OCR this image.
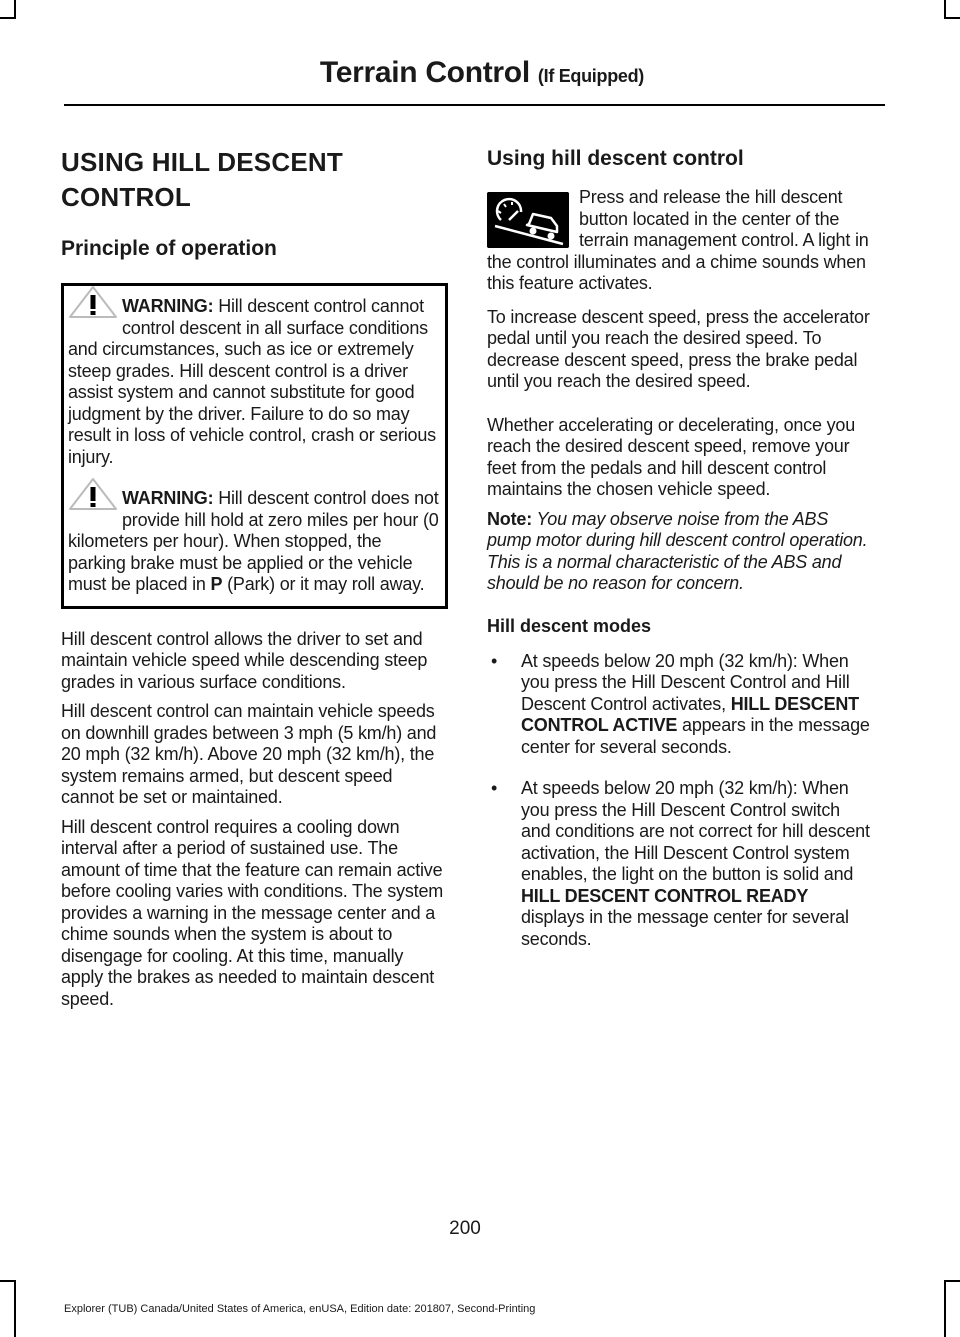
Terrain Control (If Equipped)
USING HILL DESCENT CONTROL
Principle of operation
WARNING: Hill descent control cannot control descent in all surface conditions and circumstances, such as ice or extremely steep grades. Hill descent control is a driver assist system and cannot substitute for good judgment by the driver. Failure to do so may result in loss of vehicle control, crash or serious injury.
WARNING: Hill descent control does not provide hill hold at zero miles per hour (0 kilometers per hour). When stopped, the parking brake must be applied or the vehicle must be placed in P (Park) or it may roll away.

Hill descent control allows the driver to set and maintain vehicle speed while descending steep grades in various surface conditions.

Hill descent control can maintain vehicle speeds on downhill grades between 3 mph (5 km/h) and 20 mph (32 km/h). Above 20 mph (32 km/h), the system remains armed, but descent speed cannot be set or maintained.

Hill descent control requires a cooling down interval after a period of sustained use. The amount of time that the feature can remain active before cooling varies with conditions. The system provides a warning in the message center and a chime sounds when the system is about to disengage for cooling. At this time, manually apply the brakes as needed to maintain descent speed.

Using hill descent control

Press and release the hill descent button located in the center of the terrain management control. A light in the control illuminates and a chime sounds when this feature activates.

To increase descent speed, press the accelerator pedal until you reach the desired speed. To decrease descent speed, press the brake pedal until you reach the desired speed.

Whether accelerating or decelerating, once you reach the desired descent speed, remove your feet from the pedals and hill descent control maintains the chosen vehicle speed.

Note: You may observe noise from the ABS pump motor during hill descent control operation. This is a normal characteristic of the ABS and should be no reason for concern.

Hill descent modes

• At speeds below 20 mph (32 km/h): When you press the Hill Descent Control and Hill Descent Control activates, HILL DESCENT CONTROL ACTIVE appears in the message center for several seconds.

• At speeds below 20 mph (32 km/h): When you press the Hill Descent Control switch and conditions are not correct for hill descent activation, the Hill Descent Control system enables, the light on the button is solid and HILL DESCENT CONTROL READY displays in the message center for several seconds.

200
Explorer (TUB) Canada/United States of America, enUSA, Edition date: 201807, Second-Printing
